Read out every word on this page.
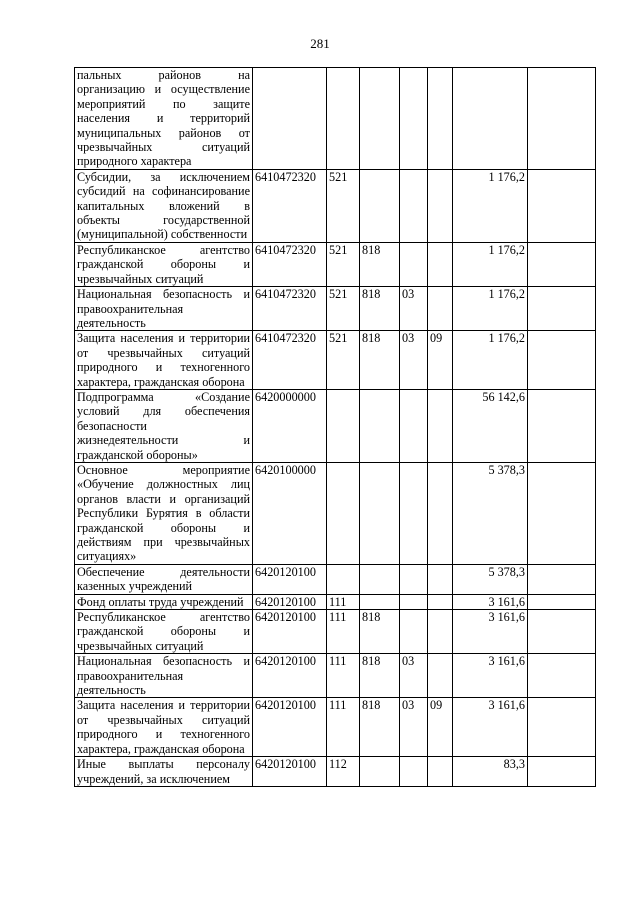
281
пальных районов на организацию и осуществление мероприятий по защите населения и территорий муниципальных районов от чрезвычайных ситуаций природного характера							
Субсидии, за исключением субсидий на софинансирование капитальных вложений в объекты государственной (муниципальной) собственности	6410472320	521				1 176,2	
Республиканское агентство гражданской обороны и чрезвычайных ситуаций	6410472320	521	818			1 176,2	
Национальная безопасность и правоохранительная деятельность	6410472320	521	818	03		1 176,2	
Защита населения и территории от чрезвычайных ситуаций природного и техногенного характера, гражданская оборона	6410472320	521	818	03	09	1 176,2	
Подпрограмма «Создание условий для обеспечения безопасности жизнедеятельности и гражданской обороны»	6420000000					56 142,6	
Основное мероприятие «Обучение должностных лиц органов власти и организаций Республики Бурятия в области гражданской обороны и действиям при чрезвычайных ситуациях»	6420100000					5 378,3	
Обеспечение деятельности казенных учреждений	6420120100					5 378,3	
Фонд оплаты труда учреждений	6420120100	111				3 161,6	
Республиканское агентство гражданской обороны и чрезвычайных ситуаций	6420120100	111	818			3 161,6	
Национальная безопасность и правоохранительная деятельность	6420120100	111	818	03		3 161,6	
Защита населения и территории от чрезвычайных ситуаций природного и техногенного характера, гражданская оборона	6420120100	111	818	03	09	3 161,6	
Иные выплаты персоналу учреждений, за исключением	6420120100	112				83,3	
